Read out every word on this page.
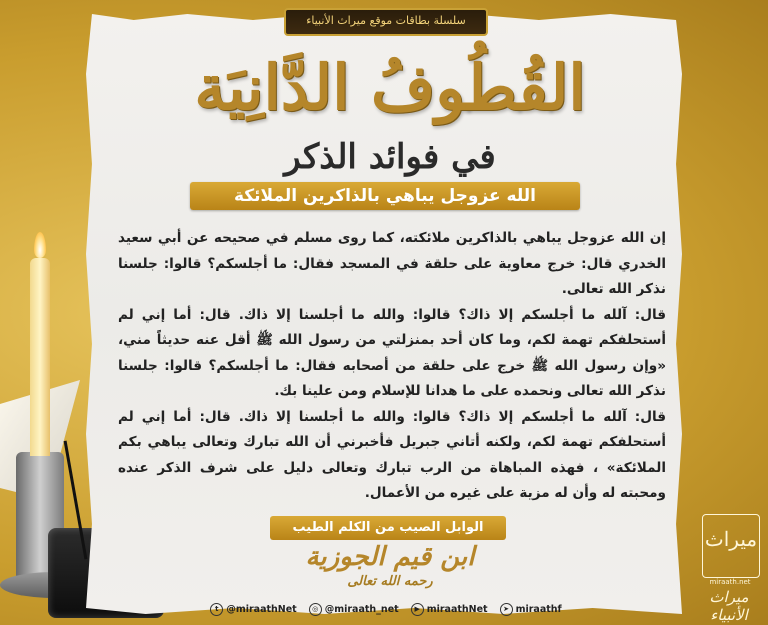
سلسلة بطاقات موقع ميراث الأنبياء
القُطُوفُ الدَّانِيَة
في فوائد الذكر
الله عزوجل يباهي بالذاكرين الملائكة

إن الله عزوجل يباهي بالذاكرين ملائكته، كما روى مسلم في صحيحه عن أبي سعيد الخدري قال: خرج معاوية على حلقة في المسجد فقال: ما أجلسكم؟ قالوا: جلسنا نذكر الله تعالى.

قال: آلله ما أجلسكم إلا ذاك؟ قالوا: والله ما أجلسنا إلا ذاك. قال: أما إني لم أستحلفكم تهمة لكم، وما كان أحد بمنزلتي من رسول الله ﷺ أقل عنه حديثاً مني، «وإن رسول الله ﷺ خرج على حلقة من أصحابه فقال: ما أجلسكم؟ قالوا: جلسنا نذكر الله تعالى ونحمده على ما هدانا للإسلام ومن علينا بك.

قال: آلله ما أجلسكم إلا ذاك؟ قالوا: والله ما أجلسنا إلا ذاك. قال: أما إني لم أستحلفكم تهمة لكم، ولكنه أتاني جبريل فأخبرني أن الله تبارك وتعالى يباهي بكم الملائكة» ، فهذه المباهاة من الرب تبارك وتعالى دليل على شرف الذكر عنده ومحبته له وأن له مزية على غيره من الأعمال.

الوابل الصيب من الكلم الطيب
ابن قيم الجوزية
رحمه الله تعالى
t @miraathNet	◎ @miraath_net	▶ miraathNet	➤ miraathf
ميراث
miraath.net
ميراث الأنبياء
